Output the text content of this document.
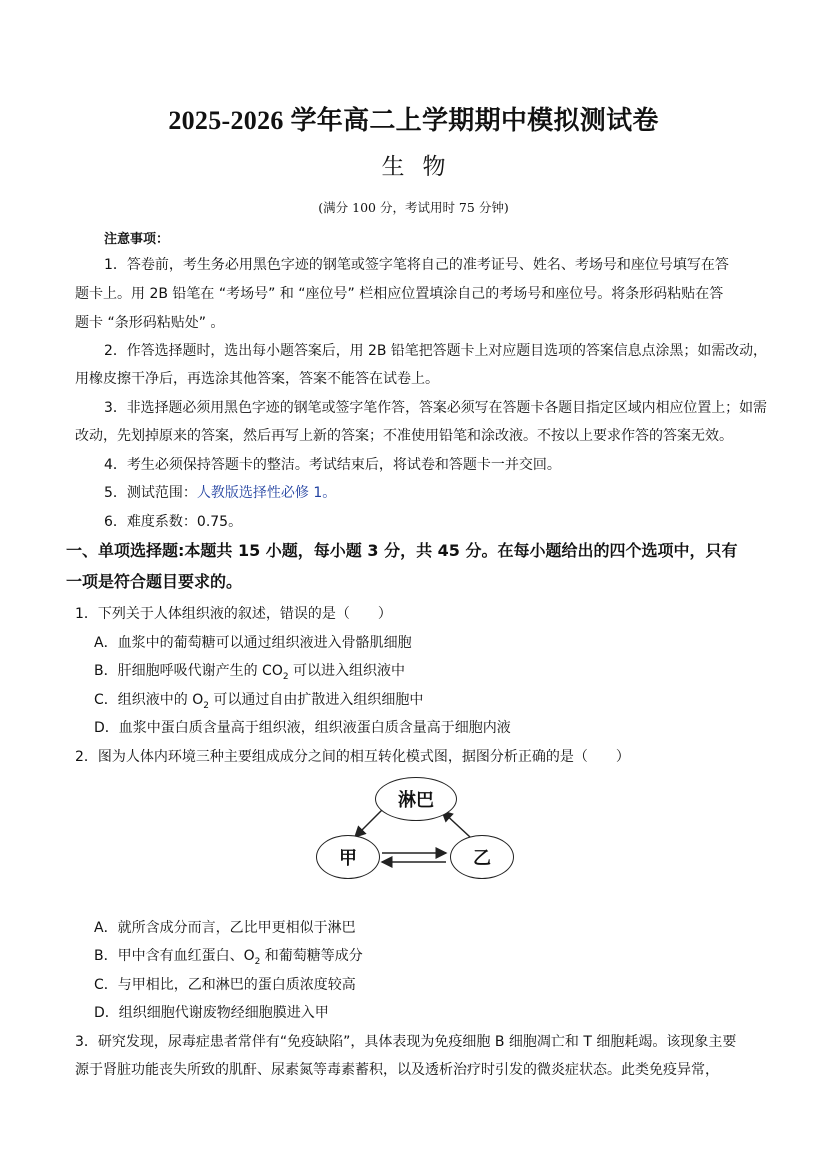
2025-2026 学年高二上学期期中模拟测试卷
生物
(满分 100 分，考试用时 75 分钟)
注意事项：
1．答卷前，考生务必用黑色字迹的钢笔或签字笔将自己的准考证号、姓名、考场号和座位号填写在答
题卡上。用 2B 铅笔在 “考场号” 和 “座位号” 栏相应位置填涂自己的考场号和座位号。将条形码粘贴在答
题卡 “条形码粘贴处” 。
2．作答选择题时，选出每小题答案后，用 2B 铅笔把答题卡上对应题目选项的答案信息点涂黑；如需改动，
用橡皮擦干净后，再选涂其他答案，答案不能答在试卷上。
3．非选择题必须用黑色字迹的钢笔或签字笔作答，答案必须写在答题卡各题目指定区域内相应位置上；如需
改动，先划掉原来的答案，然后再写上新的答案；不准使用铅笔和涂改液。不按以上要求作答的答案无效。
4．考生必须保持答题卡的整洁。考试结束后，将试卷和答题卡一并交回。
5．测试范围：人教版选择性必修 1。
6．难度系数：0.75。
一、单项选择题:本题共 15 小题，每小题 3 分，共 45 分。在每小题给出的四个选项中，只有
一项是符合题目要求的。
1．下列关于人体组织液的叙述，错误的是（　　）
A．血浆中的葡萄糖可以通过组织液进入骨骼肌细胞
B．肝细胞呼吸代谢产生的 $CO_2$ 可以进入组织液中
C．组织液中的 $O_2$ 可以通过自由扩散进入组织细胞中
D．血浆中蛋白质含量高于组织液，组织液蛋白质含量高于细胞内液
2．图为人体内环境三种主要组成成分之间的相互转化模式图，据图分析正确的是（　　）
淋巴
甲	乙
A．就所含成分而言，乙比甲更相似于淋巴
B．甲中含有血红蛋白、$O_2$ 和葡萄糖等成分
C．与甲相比，乙和淋巴的蛋白质浓度较高
D．组织细胞代谢废物经细胞膜进入甲
3．研究发现，尿毒症患者常伴有“免疫缺陷”，具体表现为免疫细胞 B 细胞凋亡和 T 细胞耗竭。该现象主要
源于肾脏功能丧失所致的肌酐、尿素氮等毒素蓄积，以及透析治疗时引发的微炎症状态。此类免疫异常，
